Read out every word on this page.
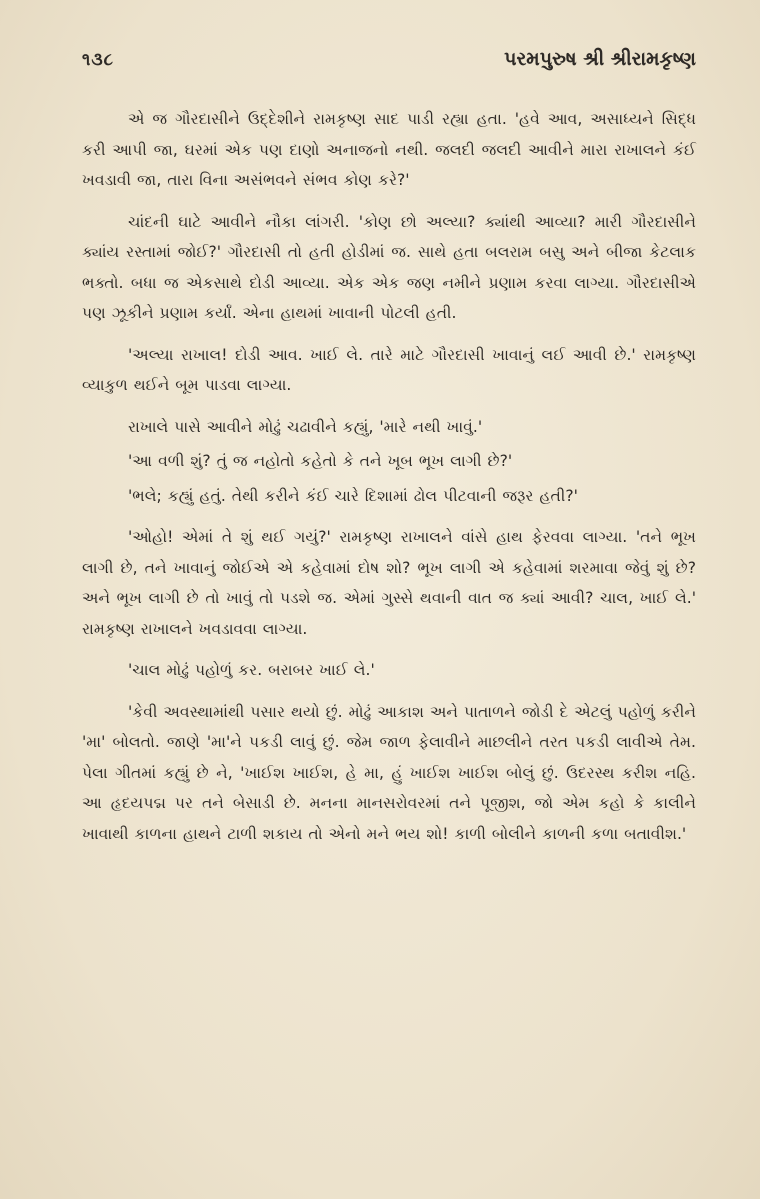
૧૩૮	પરમપુરુષ શ્રી શ્રીરામકૃષ્ણ

એ જ ગૌરદાસીને ઉદ્દેશીને રામકૃષ્ણ સાદ પાડી રહ્યા હતા. 'હવે આવ, અસાધ્યને સિદ્ધ કરી આપી જા, ઘરમાં એક પણ દાણો અનાજનો નથી. જલદી જલદી આવીને મારા રાખાલને કંઈ ખવડાવી જા, તારા વિના અસંભવને સંભવ કોણ કરે?'

ચાંદની ઘાટે આવીને નૌકા લાંગરી. 'કોણ છો અલ્યા? ક્યાંથી આવ્યા? મારી ગૌરદાસીને ક્યાંય રસ્તામાં જોઈ?' ગૌરદાસી તો હતી હોડીમાં જ. સાથે હતા બલરામ બસુ અને બીજા કેટલાક ભક્તો. બધા જ એકસાથે દોડી આવ્યા. એક એક જણ નમીને પ્રણામ કરવા લાગ્યા. ગૌરદાસીએ પણ ઝૂકીને પ્રણામ કર્યાં. એના હાથમાં ખાવાની પોટલી હતી.

'અલ્યા રાખાલ! દોડી આવ. ખાઈ લે. તારે માટે ગૌરદાસી ખાવાનું લઈ આવી છે.' રામકૃષ્ણ વ્યાકુળ થઈને બૂમ પાડવા લાગ્યા.

રાખાલે પાસે આવીને મોઢું ચઢાવીને કહ્યું, 'મારે નથી ખાવું.'

'આ વળી શું? તું જ નહોતો કહેતો કે તને ખૂબ ભૂખ લાગી છે?'

'ભલે; કહ્યું હતું. તેથી કરીને કંઈ ચારે દિશામાં ઢોલ પીટવાની જરૂર હતી?'

'ઓહો! એમાં તે શું થઈ ગયું?' રામકૃષ્ણ રાખાલને વાંસે હાથ ફેરવવા લાગ્યા. 'તને ભૂખ લાગી છે, તને ખાવાનું જોઈએ એ કહેવામાં દોષ શો? ભૂખ લાગી એ કહેવામાં શરમાવા જેવું શું છે? અને ભૂખ લાગી છે તો ખાવું તો પડશે જ. એમાં ગુસ્સે થવાની વાત જ ક્યાં આવી? ચાલ, ખાઈ લે.' રામકૃષ્ણ રાખાલને ખવડાવવા લાગ્યા.

'ચાલ મોઢું પહોળું કર. બરાબર ખાઈ લે.'

'કેવી અવસ્થામાંથી પસાર થયો છું. મોઢું આકાશ અને પાતાળને જોડી દે એટલું પહોળું કરીને 'મા' બોલતો. જાણે 'મા'ને પકડી લાવું છું. જેમ જાળ ફેલાવીને માછલીને તરત પકડી લાવીએ તેમ. પેલા ગીતમાં કહ્યું છે ને, 'ખાઈશ ખાઈશ, હે મા, હું ખાઈશ ખાઈશ બોલું છું. ઉદરસ્થ કરીશ નહિ. આ હૃદયપદ્મ પર તને બેસાડી છે. મનના માનસરોવરમાં તને પૂજીશ, જો એમ કહો કે કાલીને ખાવાથી કાળના હાથને ટાળી શકાય તો એનો મને ભય શો! કાળી બોલીને કાળની કળા બતાવીશ.'
